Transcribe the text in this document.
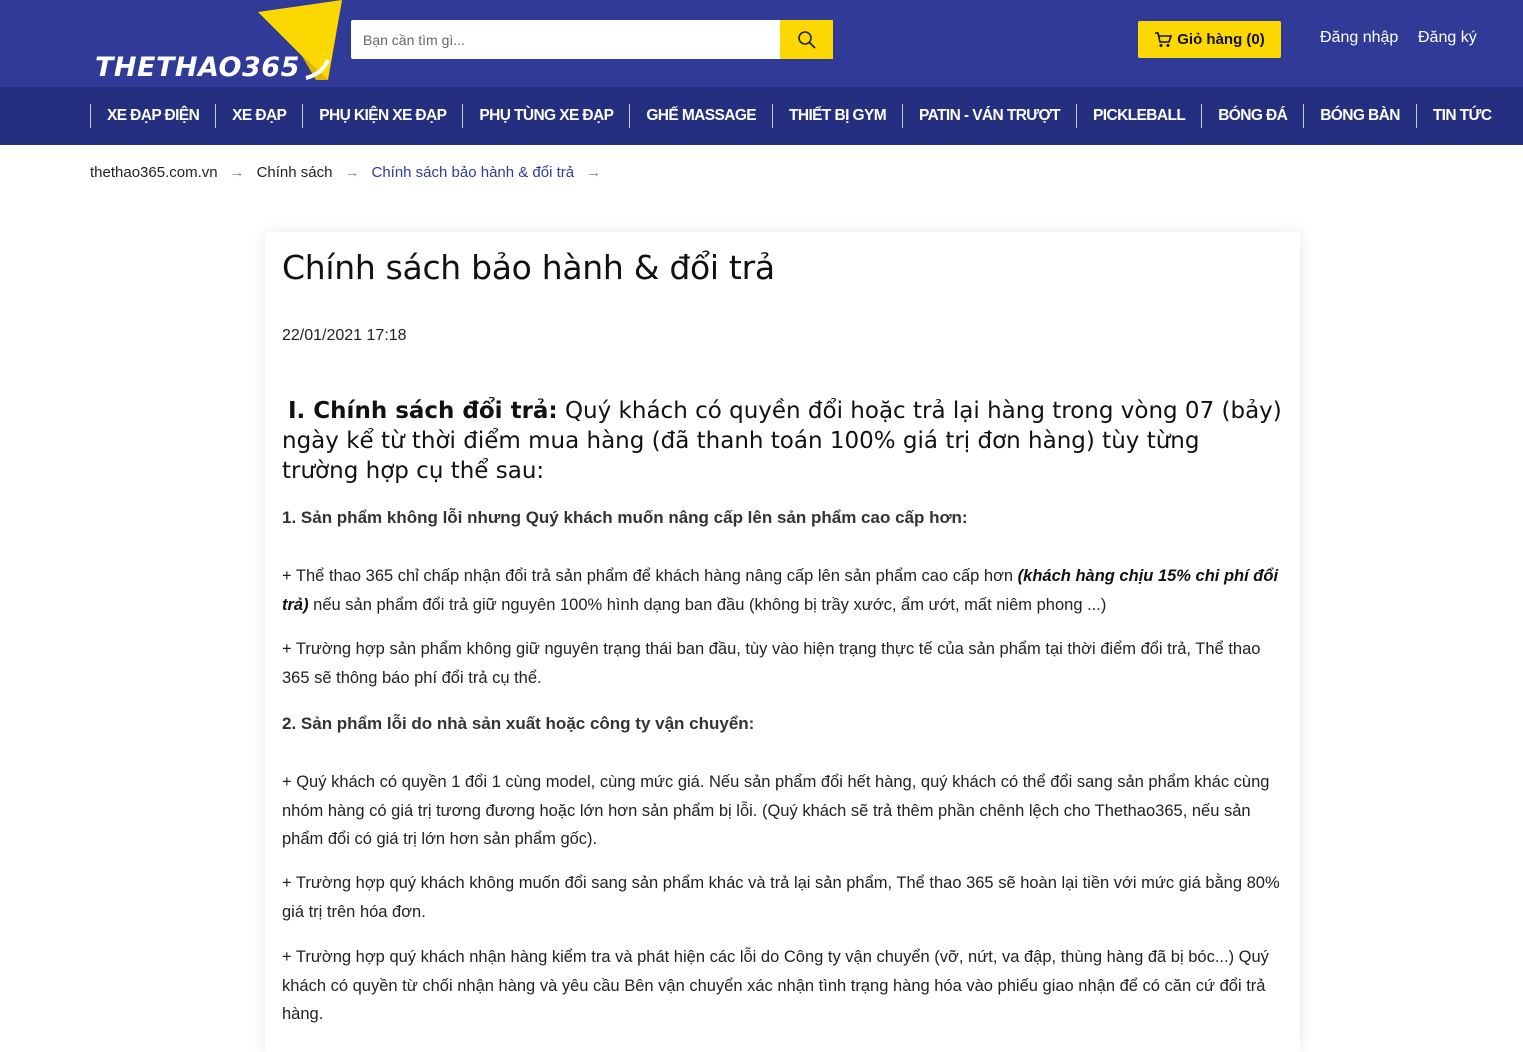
THETHAO365
Bạn cần tìm gì...
Giỏ hàng (0)	Đăng nhập Đăng ký
XE ĐẠP ĐIỆN	XE ĐẠP	PHỤ KIỆN XE ĐẠP	PHỤ TÙNG XE ĐẠP	GHẾ MASSAGE	THIẾT BỊ GYM	PATIN - VÁN TRƯỢT	PICKLEBALL	BÓNG ĐÁ	BÓNG BÀN	TIN TỨC
thethao365.com.vn → Chính sách → Chính sách bảo hành & đổi trả →
Chính sách bảo hành & đổi trả
22/01/2021 17:18
I. Chính sách đổi trả: Quý khách có quyền đổi hoặc trả lại hàng trong vòng 07 (bảy) ngày kể từ thời điểm mua hàng (đã thanh toán 100% giá trị đơn hàng) tùy từng trường hợp cụ thể sau:
1. Sản phẩm không lỗi nhưng Quý khách muốn nâng cấp lên sản phẩm cao cấp hơn:
+ Thể thao 365 chỉ chấp nhận đổi trả sản phẩm để khách hàng nâng cấp lên sản phẩm cao cấp hơn (khách hàng chịu 15% chi phí đổi trả) nếu sản phẩm đổi trả giữ nguyên 100% hình dạng ban đầu (không bị trầy xước, ẩm ướt, mất niêm phong ...)
+ Trường hợp sản phẩm không giữ nguyên trạng thái ban đầu, tùy vào hiện trạng thực tế của sản phẩm tại thời điểm đổi trả, Thể thao 365 sẽ thông báo phí đổi trả cụ thể.
2. Sản phẩm lỗi do nhà sản xuất hoặc công ty vận chuyển:
+ Quý khách có quyền 1 đổi 1 cùng model, cùng mức giá. Nếu sản phẩm đổi hết hàng, quý khách có thể đổi sang sản phẩm khác cùng nhóm hàng có giá trị tương đương hoặc lớn hơn sản phẩm bị lỗi. (Quý khách sẽ trả thêm phần chênh lệch cho Thethao365, nếu sản phẩm đổi có giá trị lớn hơn sản phẩm gốc).
+ Trường hợp quý khách không muốn đổi sang sản phẩm khác và trả lại sản phẩm, Thể thao 365 sẽ hoàn lại tiền với mức giá bằng 80% giá trị trên hóa đơn.
+ Trường hợp quý khách nhận hàng kiểm tra và phát hiện các lỗi do Công ty vận chuyển (vỡ, nứt, va đập, thùng hàng đã bị bóc...) Quý khách có quyền từ chối nhận hàng và yêu cầu Bên vận chuyển xác nhận tình trạng hàng hóa vào phiếu giao nhận để có căn cứ đổi trả hàng.
